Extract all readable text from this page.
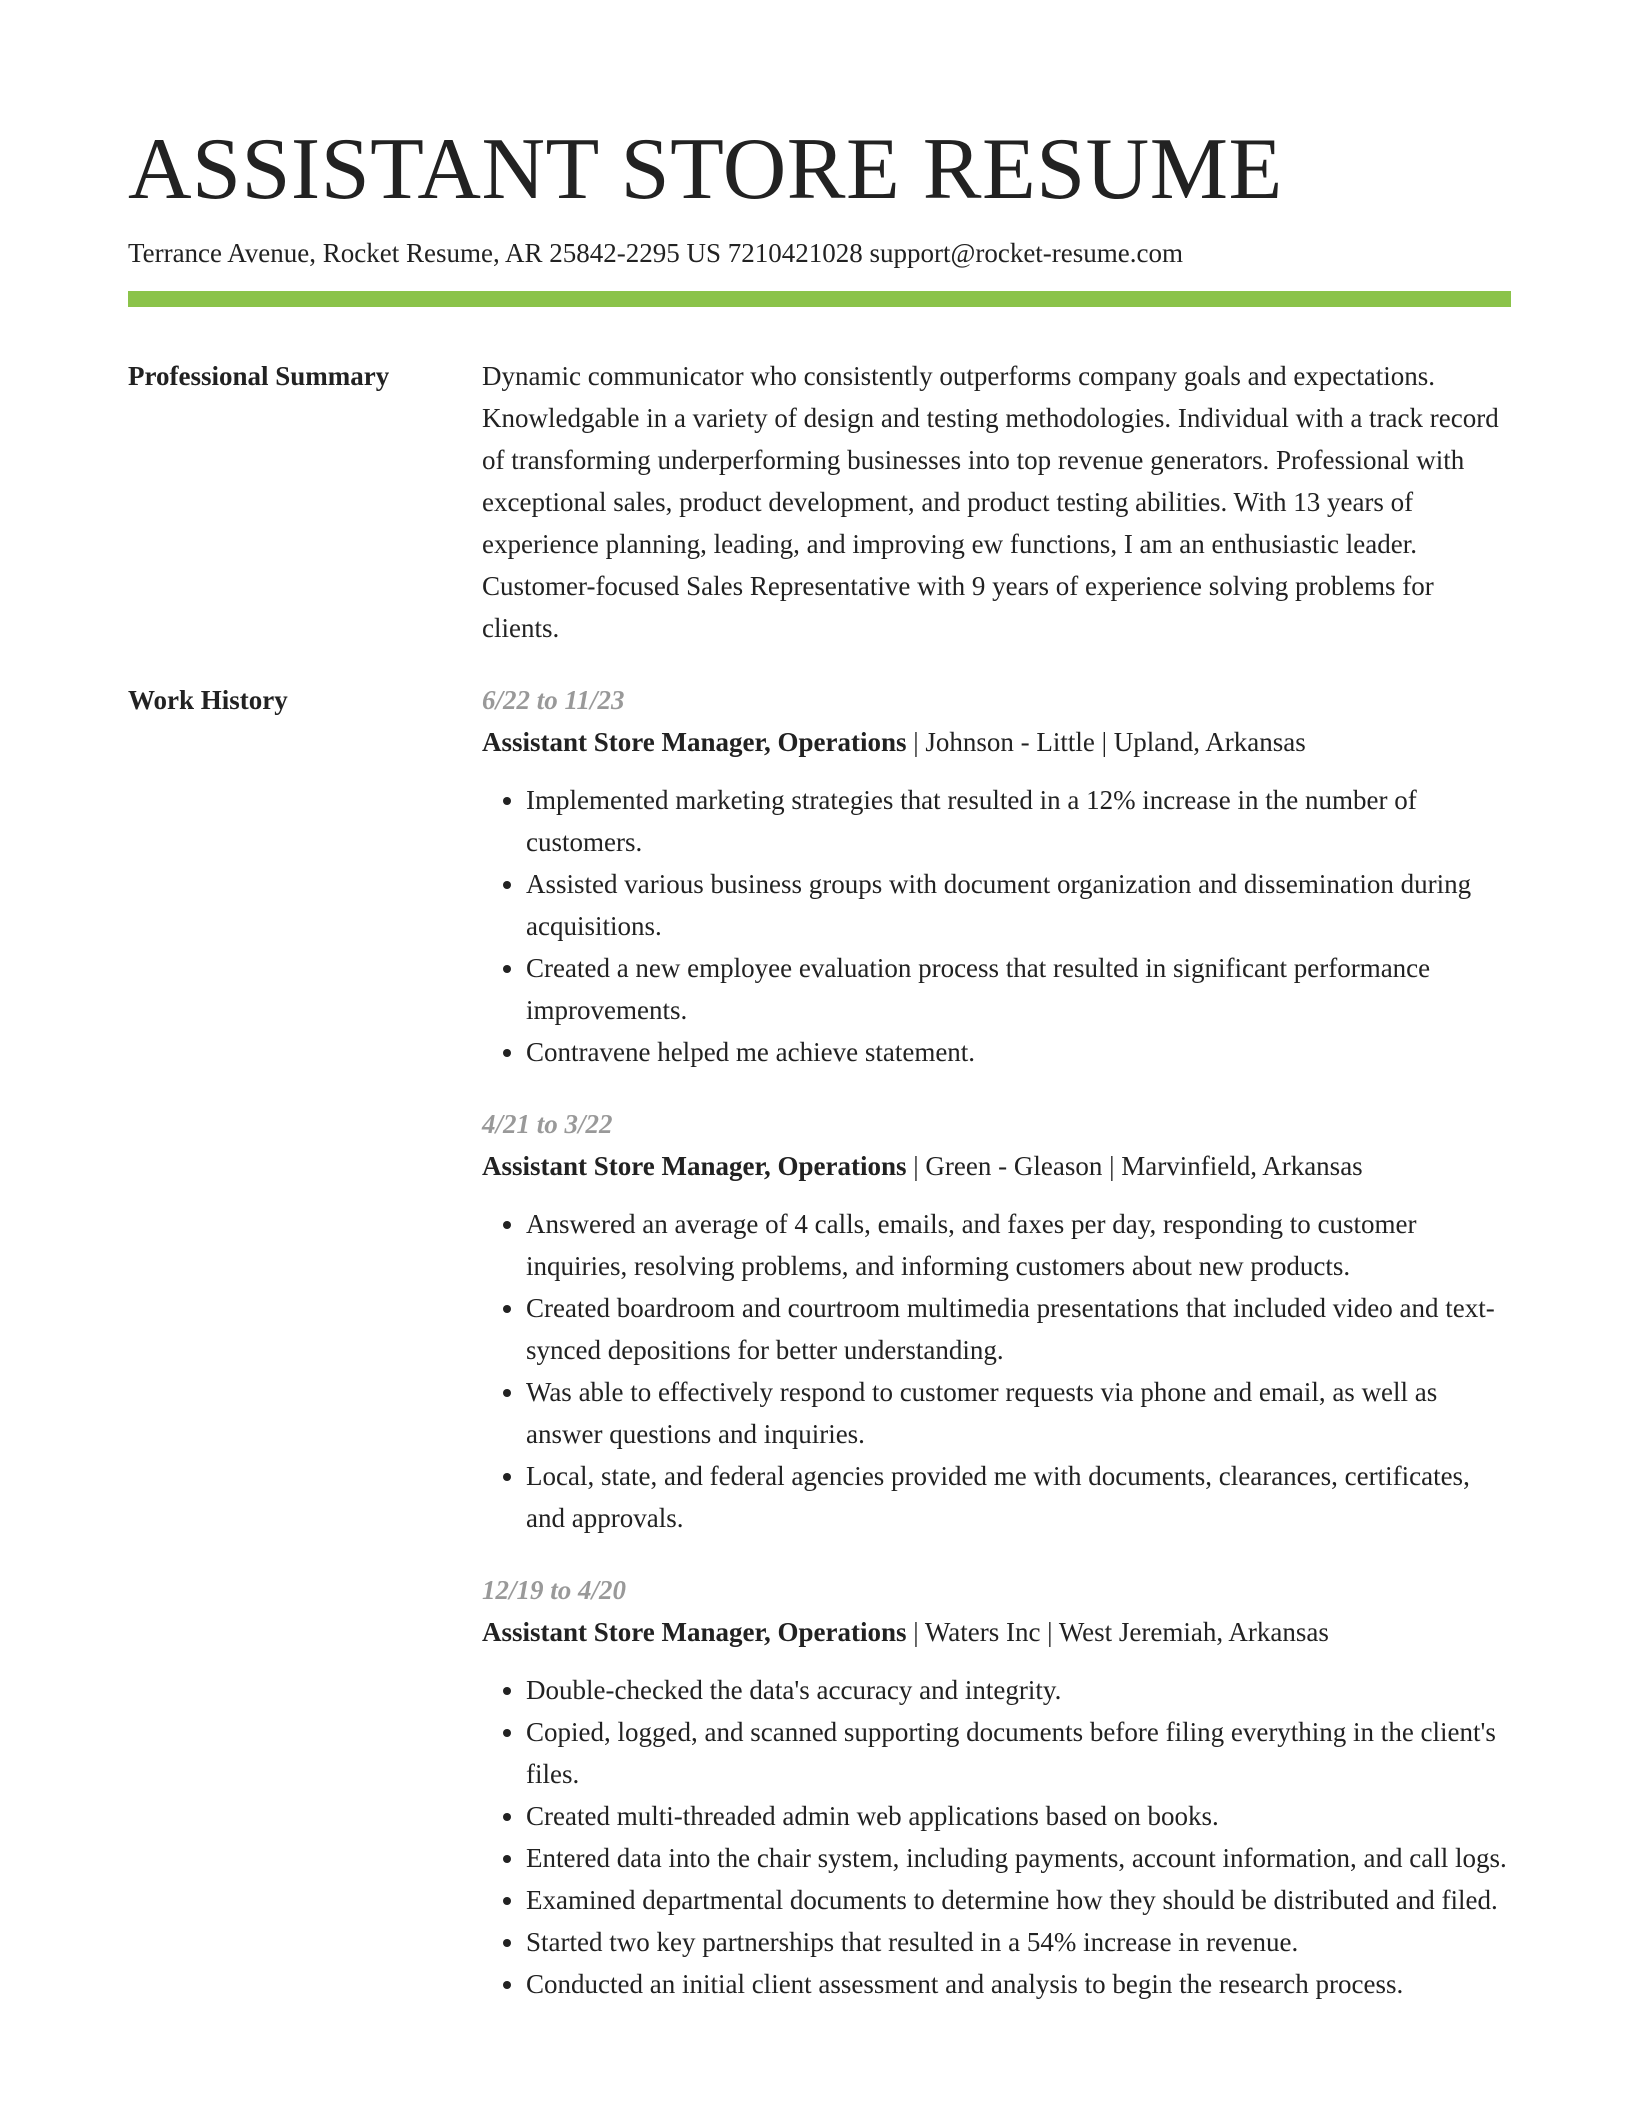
ASSISTANT STORE RESUME
Terrance Avenue, Rocket Resume, AR 25842-2295 US 7210421028 support@rocket-resume.com
Professional Summary	Dynamic communicator who consistently outperforms company goals and expectations. Knowledgable in a variety of design and testing methodologies. Individual with a track record of transforming underperforming businesses into top revenue generators. Professional with exceptional sales, product development, and product testing abilities. With 13 years of experience planning, leading, and improving ew functions, I am an enthusiastic leader. Customer-focused Sales Representative with 9 years of experience solving problems for clients.

Work History	6/22 to 11/23
Assistant Store Manager, Operations | Johnson - Little | Upland, Arkansas
• Implemented marketing strategies that resulted in a 12% increase in the number of customers.
• Assisted various business groups with document organization and dissemination during acquisitions.
• Created a new employee evaluation process that resulted in significant performance improvements.
• Contravene helped me achieve statement.
4/21 to 3/22
Assistant Store Manager, Operations | Green - Gleason | Marvinfield, Arkansas
• Answered an average of 4 calls, emails, and faxes per day, responding to customer inquiries, resolving problems, and informing customers about new products.
• Created boardroom and courtroom multimedia presentations that included video and text-synced depositions for better understanding.
• Was able to effectively respond to customer requests via phone and email, as well as answer questions and inquiries.
• Local, state, and federal agencies provided me with documents, clearances, certificates, and approvals.
12/19 to 4/20
Assistant Store Manager, Operations | Waters Inc | West Jeremiah, Arkansas
• Double-checked the data's accuracy and integrity.
• Copied, logged, and scanned supporting documents before filing everything in the client's files.
• Created multi-threaded admin web applications based on books.
• Entered data into the chair system, including payments, account information, and call logs.
• Examined departmental documents to determine how they should be distributed and filed.
• Started two key partnerships that resulted in a 54% increase in revenue.
• Conducted an initial client assessment and analysis to begin the research process.
